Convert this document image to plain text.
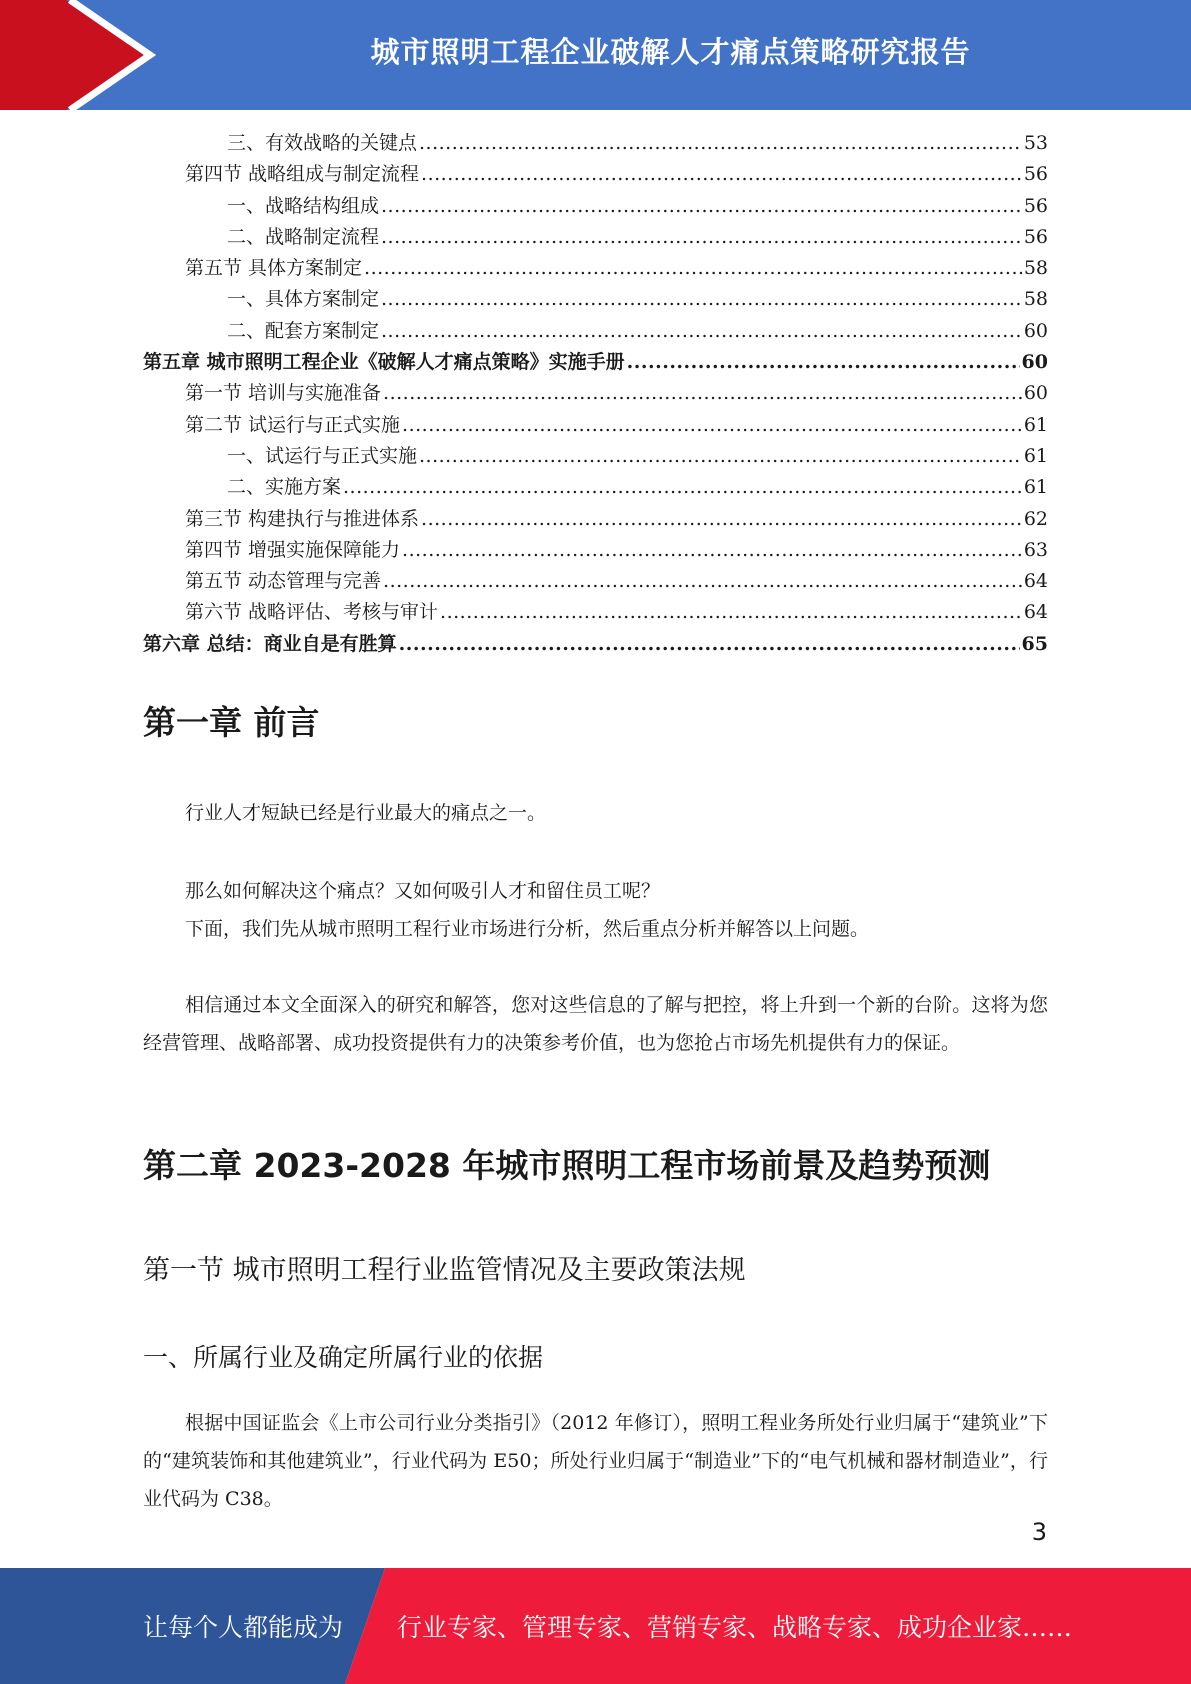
城市照明工程企业破解人才痛点策略研究报告
三、有效战略的关键点 .....	53
第四节 战略组成与制定流程 .....	56
一、战略结构组成 .....	56
二、战略制定流程 .....	56
第五节 具体方案制定 .....	58
一、具体方案制定 .....	58
二、配套方案制定 .....	60
第五章 城市照明工程企业《破解人才痛点策略》实施手册 .....	60
第一节 培训与实施准备 .....	60
第二节 试运行与正式实施 .....	61
一、试运行与正式实施 .....	61
二、实施方案 .....	61
第三节 构建执行与推进体系 .....	62
第四节 增强实施保障能力 .....	63
第五节 动态管理与完善 .....	64
第六节 战略评估、考核与审计 .....	64
第六章 总结：商业自是有胜算 .....	65
第一章 前言
行业人才短缺已经是行业最大的痛点之一。
那么如何解决这个痛点？又如何吸引人才和留住员工呢？
下面，我们先从城市照明工程行业市场进行分析，然后重点分析并解答以上问题。
相信通过本文全面深入的研究和解答，您对这些信息的了解与把控，将上升到一个新的台阶。这将为您经营管理、战略部署、成功投资提供有力的决策参考价值，也为您抢占市场先机提供有力的保证。
第二章 2023-2028 年城市照明工程市场前景及趋势预测
第一节 城市照明工程行业监管情况及主要政策法规
一、所属行业及确定所属行业的依据
根据中国证监会《上市公司行业分类指引》（2012 年修订），照明工程业务所处行业归属于“建筑业”下的“建筑装饰和其他建筑业”，行业代码为 E50；所处行业归属于“制造业”下的“电气机械和器材制造业”，行业代码为 C38。
3
让每个人都能成为 行业专家、管理专家、营销专家、战略专家、成功企业家……
